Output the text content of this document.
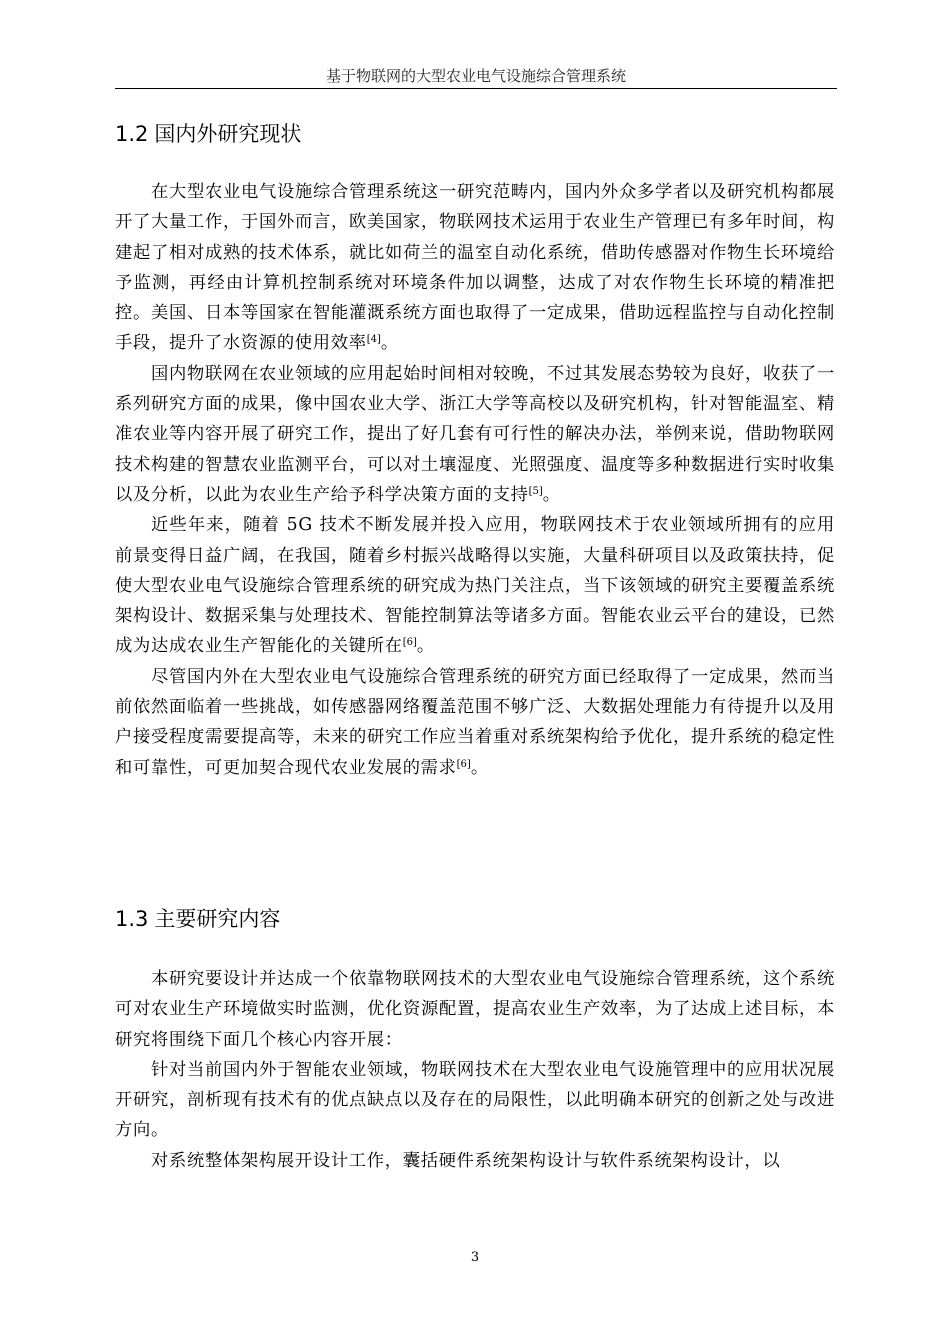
基于物联网的大型农业电气设施综合管理系统
1.2 国内外研究现状

在大型农业电气设施综合管理系统这一研究范畴内，国内外众多学者以及研究机构都展开了大量工作，于国外而言，欧美国家，物联网技术运用于农业生产管理已有多年时间，构建起了相对成熟的技术体系，就比如荷兰的温室自动化系统，借助传感器对作物生长环境给予监测，再经由计算机控制系统对环境条件加以调整，达成了对农作物生长环境的精准把控。美国、日本等国家在智能灌溉系统方面也取得了一定成果，借助远程监控与自动化控制手段，提升了水资源的使用效率[4]。

国内物联网在农业领域的应用起始时间相对较晚，不过其发展态势较为良好，收获了一系列研究方面的成果，像中国农业大学、浙江大学等高校以及研究机构，针对智能温室、精准农业等内容开展了研究工作，提出了好几套有可行性的解决办法，举例来说，借助物联网技术构建的智慧农业监测平台，可以对土壤湿度、光照强度、温度等多种数据进行实时收集以及分析，以此为农业生产给予科学决策方面的支持[5]。

近些年来，随着 5G 技术不断发展并投入应用，物联网技术于农业领域所拥有的应用前景变得日益广阔，在我国，随着乡村振兴战略得以实施，大量科研项目以及政策扶持，促使大型农业电气设施综合管理系统的研究成为热门关注点，当下该领域的研究主要覆盖系统架构设计、数据采集与处理技术、智能控制算法等诸多方面。智能农业云平台的建设，已然成为达成农业生产智能化的关键所在[6]。

尽管国内外在大型农业电气设施综合管理系统的研究方面已经取得了一定成果，然而当前依然面临着一些挑战，如传感器网络覆盖范围不够广泛、大数据处理能力有待提升以及用户接受程度需要提高等，未来的研究工作应当着重对系统架构给予优化，提升系统的稳定性和可靠性，可更加契合现代农业发展的需求[6]。

1.3 主要研究内容

本研究要设计并达成一个依靠物联网技术的大型农业电气设施综合管理系统，这个系统可对农业生产环境做实时监测，优化资源配置，提高农业生产效率，为了达成上述目标，本研究将围绕下面几个核心内容开展：

针对当前国内外于智能农业领域，物联网技术在大型农业电气设施管理中的应用状况展开研究，剖析现有技术有的优点缺点以及存在的局限性，以此明确本研究的创新之处与改进方向。

对系统整体架构展开设计工作，囊括硬件系统架构设计与软件系统架构设计，以

3
